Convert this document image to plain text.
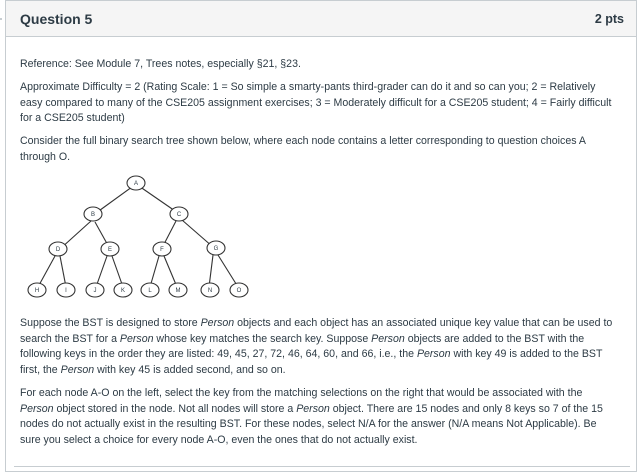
Question 5	2 pts

Reference: See Module 7, Trees notes, especially §21, §23.

Approximate Difficulty = 2 (Rating Scale: 1 = So simple a smarty-pants third-grader can do it and so can you; 2 = Relatively easy compared to many of the CSE205 assignment exercises; 3 = Moderately difficult for a CSE205 student; 4 = Fairly difficult for a CSE205 student)

Consider the full binary search tree shown below, where each node contains a letter corresponding to question choices A through O.

A
B	C
D	E	F	G
H	I	J	K	L	M	N	O

Suppose the BST is designed to store Person objects and each object has an associated unique key value that can be used to search the BST for a Person whose key matches the search key. Suppose Person objects are added to the BST with the following keys in the order they are listed: 49, 45, 27, 72, 46, 64, 60, and 66, i.e., the Person with key 49 is added to the BST first, the Person with key 45 is added second, and so on.

For each node A-O on the left, select the key from the matching selections on the right that would be associated with the Person object stored in the node. Not all nodes will store a Person object. There are 15 nodes and only 8 keys so 7 of the 15 nodes do not actually exist in the resulting BST. For these nodes, select N/A for the answer (N/A means Not Applicable). Be sure you select a choice for every node A-O, even the ones that do not actually exist.
